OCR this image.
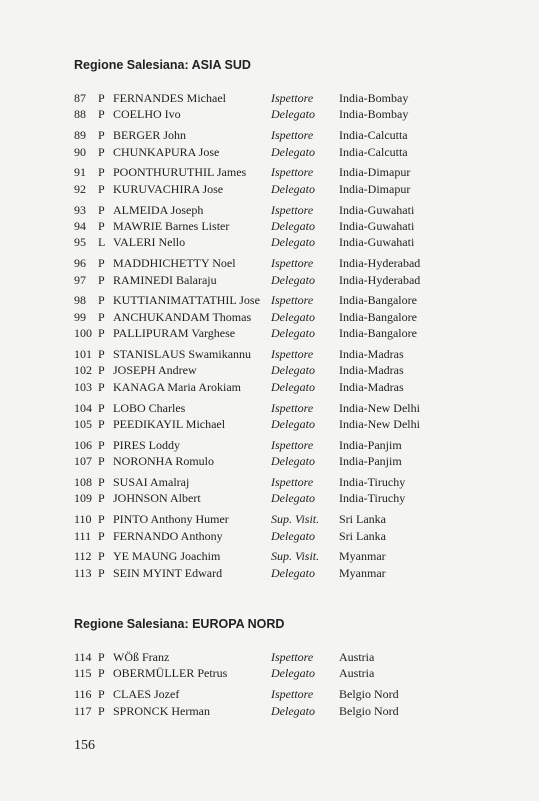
Regione Salesiana: ASIA SUD
Regione Salesiana: EUROPA NORD
87 P FERNANDES Michael	Ispettore India-Bombay
88 P COELHO Ivo	Delegato India-Bombay
89 P BERGER John	Ispettore India-Calcutta
90 P CHUNKAPURA Jose	Delegato India-Calcutta
91 P POONTHURUTHIL James Ispettore India-Dimapur
92 P KURUVACHIRA Jose	Delegato India-Dimapur
93 P ALMEIDA Joseph	Ispettore India-Guwahati
94 P MAWRIE Barnes Lister	Delegato India-Guwahati
95 L VALERI Nello	Delegato India-Guwahati
96 P MADDHICHETTY Noel	Ispettore India-Hyderabad
97 P RAMINEDI Balaraju	Delegato India-Hyderabad
98 P KUTTIANIMATTATHIL Jose Ispettore India-Bangalore
99 P ANCHUKANDAM Thomas Delegato India-Bangalore
100 P PALLIPURAM Varghese	Delegato India-Bangalore
101 P STANISLAUS Swamikannu Ispettore India-Madras
102 P JOSEPH Andrew	Delegato India-Madras
103 P KANAGA Maria Arokiam	Delegato India-Madras
104 P LOBO Charles	Ispettore India-New Delhi
105 P PEEDIKAYIL Michael	Delegato India-New Delhi
106 P PIRES Loddy	Ispettore India-Panjim
107 P NORONHA Romulo	Delegato India-Panjim
108 P SUSAI Amalraj	Ispettore India-Tiruchy
109 P JOHNSON Albert	Delegato India-Tiruchy
110 P PINTO Anthony Humer	Sup. Visit. Sri Lanka
111 P FERNANDO Anthony	Delegato Sri Lanka
112 P YE MAUNG Joachim	Sup. Visit. Myanmar
113 P SEIN MYINT Edward	Delegato Myanmar
114 P WÖß Franz	Ispettore Austria
115 P OBERMÜLLER Petrus	Delegato Austria
116 P CLAES Jozef	Ispettore Belgio Nord
117 P SPRONCK Herman	Delegato Belgio Nord
156
